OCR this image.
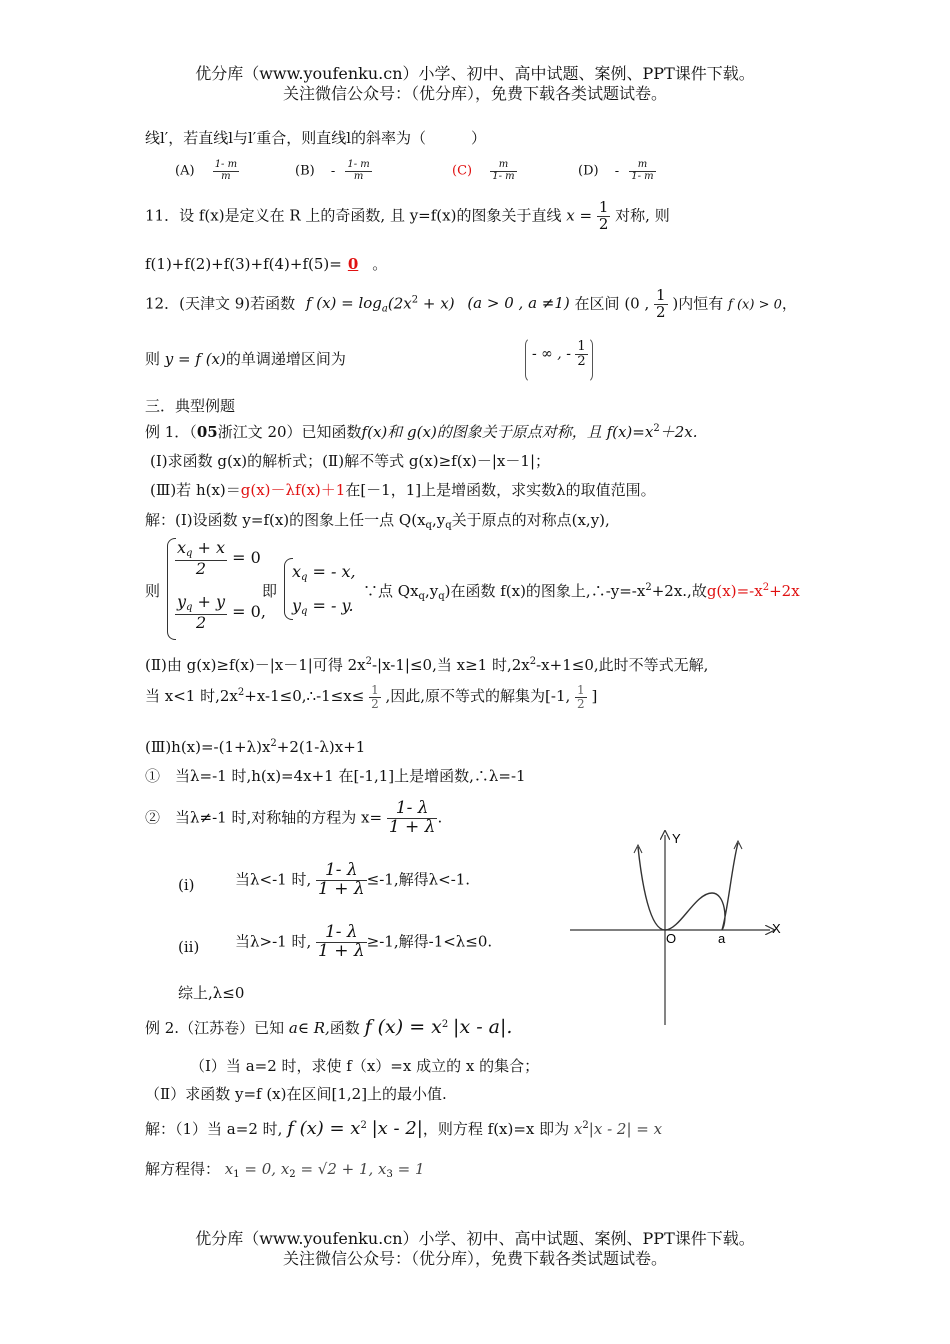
优分库（www.youfenku.cn）小学、初中、高中试题、案例、PPT课件下载。
关注微信公众号：（优分库），免费下载各类试题试卷。
线l′，若直线l与l′重合，则直线l的斜率为（　　　）
$(A) \frac{1- m}{m}$	$(B) - \frac{1- m}{m}$	$(C) \frac{m}{1- m}$	$(D) - \frac{m}{1- m}$
11．设 f(x)是定义在 R 上的奇函数, 且 y=f(x)的图象关于直线 $x = \frac{1}{2}$ 对称, 则
f(1)+f(2)+f(3)+f(4)+f(5)= 0 。
12．(天津文 9)若函数 f $(x) = \log_a(2x^2 + x) (a > 0$ , a ≠1) 在区间 (0 , $\frac{1}{2}$ )内恒有 f (x) > 0，
则 y = f (x)的单调递增区间为	- ∞ , - $\frac{1}{2}$
三．典型例题
例 1．（05浙江文 20）已知函数f(x)和 g(x)的图象关于原点对称，且 $f(x)=x^2+2x$.
(Ⅰ)求函数 g(x)的解析式；(Ⅱ)解不等式 g(x)≥f(x)－|x－1|；
(Ⅲ)若 h(x)＝g(x)－λf(x)＋1在[－1，1]上是增函数，求实数λ的取值范围。
解：(Ⅰ)设函数 y=f(x)的图象上任一点 $Q(x_q,y_q$关于原点的对称点(x,y),
则
$\frac{x_q + x}{2} = 0$
$\frac{y_q + y}{2} = 0$,
即
$x_q$ = - x,
$y_q$ = - y.
∵点 $Qx_q,y_q$)在函数 f(x)的图象上$,\therefore-y=-x^2+2x$.,故$g(x)=-x^2+2x$
(Ⅱ)由 g(x)≥f(x)－|x－1|可得 $2x^2-|x-1|\le 0$,当 x≥1 时$,2x^2-x+1\le 0$,此时不等式无解,
当 x<1 时$,2x^2+x-1\le 0,\therefore-1\le x\le \frac{1}{2}$ ,因此,原不等式的解集为[-1, $\frac{1}{2}$ ]
$(Ⅲ)h(x)=-(1+\lambda)x^2+2(1-\lambda)x+1$
①　当λ=-1 时,h(x)=4x+1 在[-1,1]上是增函数,∴λ=-1
②　当λ≠-1 时,对称轴的方程为 $x= \frac{1- \lambda}{1 + \lambda}$ .
(i)	当λ<-1 时, $\frac{1- \lambda}{1 + \lambda} \le-1$,解得λ<-1.
(ii) 当λ>-1 时, $\frac{1- \lambda}{1 + \lambda} \ge-1$,解得-1<λ≤0.
综上,λ≤0
Y
X
O	a
例 2.（江苏卷）已知 a∈ R,函数 f $(x) = x^2$ |x - a|.
（Ⅰ）当 a=2 时，求使 f（x）=x 成立的 x 的集合；
（Ⅱ）求函数 y=f (x)在区间[1,2]上的最小值.
解：（1）当 a=2 时, f $(x) = x^2$ |x - 2|，则方程 f(x)=x 即为 $x^2|x - 2| = x$
解方程得： $x_1 = 0$, $x_2 = √2 + 1$, $x_3 = 1$
优分库（www.youfenku.cn）小学、初中、高中试题、案例、PPT课件下载。
关注微信公众号：（优分库），免费下载各类试题试卷。
